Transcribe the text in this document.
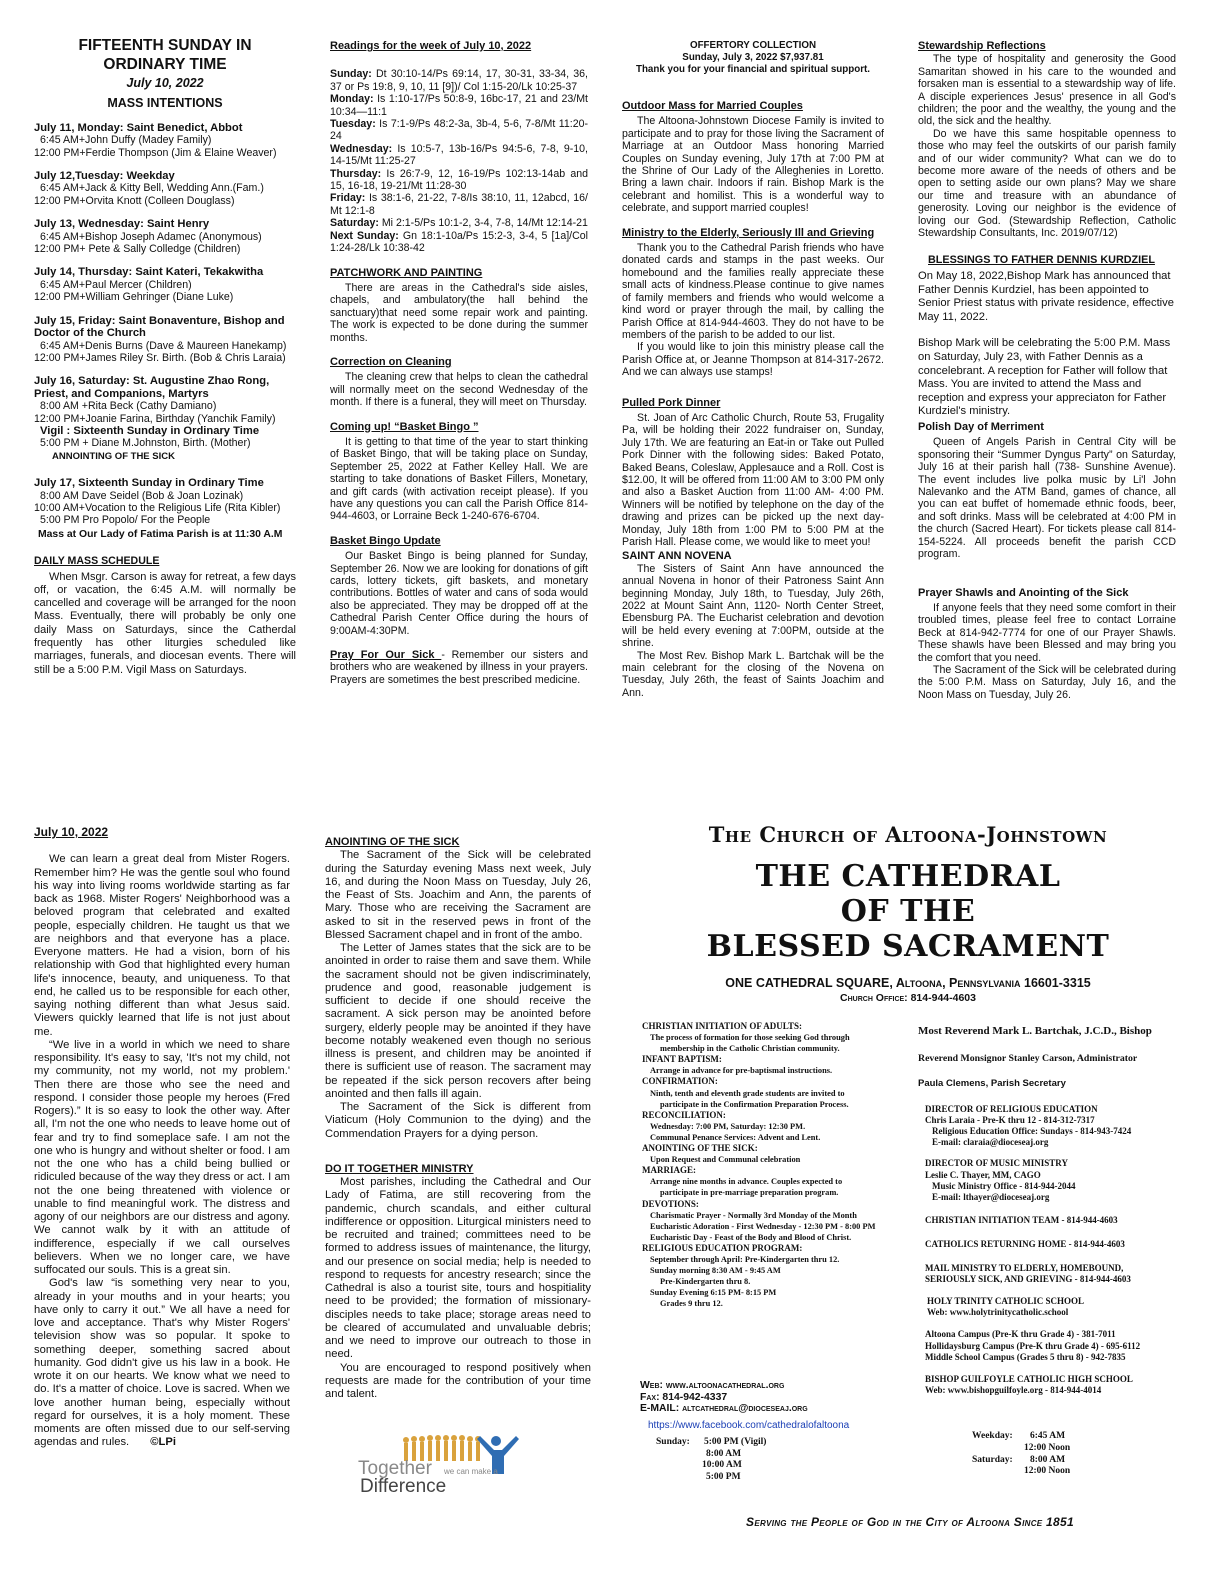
FIFTEENTH SUNDAY IN
ORDINARY TIME
July 10, 2022
MASS INTENTIONS

July 11, Monday: Saint Benedict, Abbot

6:45 AM+John Duffy (Madey Family)

12:00 PM+Ferdie Thompson (Jim & Elaine Weaver)

July 12,Tuesday: Weekday

6:45 AM+Jack & Kitty Bell, Wedding Ann.(Fam.)

12:00 PM+Orvita Knott (Colleen Douglass)

July 13, Wednesday: Saint Henry

6:45 AM+Bishop Joseph Adamec (Anonymous)

12:00 PM+ Pete & Sally Colledge (Children)

July 14, Thursday: Saint Kateri, Tekakwitha

6:45 AM+Paul Mercer (Children)

12:00 PM+William Gehringer (Diane Luke)

July 15, Friday: Saint Bonaventure, Bishop and Doctor of the Church

6:45 AM+Denis Burns (Dave & Maureen Hanekamp)

12:00 PM+James Riley Sr. Birth. (Bob & Chris Laraia)

July 16, Saturday: St. Augustine Zhao Rong, Priest, and Companions, Martyrs

8:00 AM +Rita Beck (Cathy Damiano)

12:00 PM+Joanie Farina, Birthday (Yanchik Family)

Vigil : Sixteenth Sunday in Ordinary Time

5:00 PM + Diane M.Johnston, Birth. (Mother)

ANNOINTING OF THE SICK

July 17, Sixteenth Sunday in Ordinary Time

8:00 AM Dave Seidel (Bob & Joan Lozinak)

10:00 AM+Vocation to the Religious Life (Rita Kibler)

5:00 PM Pro Popolo/ For the People

Mass at Our Lady of Fatima Parish is at 11:30 A.M

DAILY MASS SCHEDULE

When Msgr. Carson is away for retreat, a few days off, or vacation, the 6:45 A.M. will normally be cancelled and coverage will be arranged for the noon Mass. Eventually, there will probably be only one daily Mass on Saturdays, since the Catherdal frequently has other liturgies scheduled like marriages, funerals, and diocesan events. There will still be a 5:00 P.M. Vigil Mass on Saturdays.

Readings for the week of July 10, 2022

Sunday: Dt 30:10-14/Ps 69:14, 17, 30-31, 33-34, 36, 37 or Ps 19:8, 9, 10, 11 [9])/ Col 1:15-20/Lk 10:25-37

Monday: Is 1:10-17/Ps 50:8-9, 16bc-17, 21 and 23/Mt 10:34—11:1

Tuesday: Is 7:1-9/Ps 48:2-3a, 3b-4, 5-6, 7-8/Mt 11:20-24

Wednesday: Is 10:5-7, 13b-16/Ps 94:5-6, 7-8, 9-10, 14-15/Mt 11:25-27

Thursday: Is 26:7-9, 12, 16-19/Ps 102:13-14ab and 15, 16-18, 19-21/Mt 11:28-30

Friday: Is 38:1-6, 21-22, 7-8/Is 38:10, 11, 12abcd, 16/ Mt 12:1-8

Saturday: Mi 2:1-5/Ps 10:1-2, 3-4, 7-8, 14/Mt 12:14-21

Next Sunday: Gn 18:1-10a/Ps 15:2-3, 3-4, 5 [1a]/Col 1:24-28/Lk 10:38-42

PATCHWORK AND PAINTING

There are areas in the Cathedral's side aisles, chapels, and ambulatory(the hall behind the sanctuary)that need some repair work and painting. The work is expected to be done during the summer months.

Correction on Cleaning

The cleaning crew that helps to clean the cathedral will normally meet on the second Wednesday of the month. If there is a funeral, they will meet on Thursday.

Coming up! “Basket Bingo ”

It is getting to that time of the year to start thinking of Basket Bingo, that will be taking place on Sunday, September 25, 2022 at Father Kelley Hall. We are starting to take donations of Basket Fillers, Monetary, and gift cards (with activation receipt please). If you have any questions you can call the Parish Office 814-944-4603, or Lorraine Beck 1-240-676-6704.

Basket Bingo Update

Our Basket Bingo is being planned for Sunday, September 26. Now we are looking for donations of gift cards, lottery tickets, gift baskets, and monetary contributions. Bottles of water and cans of soda would also be appreciated. They may be dropped off at the Cathedral Parish Center Office during the hours of 9:00AM-4:30PM.

Pray For Our Sick - Remember our sisters and brothers who are weakened by illness in your prayers. Prayers are sometimes the best prescribed medicine.

OFFERTORY COLLECTION
Sunday, July 3, 2022 $7,937.81
Thank you for your financial and spiritual support.

Outdoor Mass for Married Couples

The Altoona-Johnstown Diocese Family is invited to participate and to pray for those living the Sacrament of Marriage at an Outdoor Mass honoring Married Couples on Sunday evening, July 17th at 7:00 PM at the Shrine of Our Lady of the Alleghenies in Loretto. Bring a lawn chair. Indoors if rain. Bishop Mark is the celebrant and homilist. This is a wonderful way to celebrate, and support married couples!

Ministry to the Elderly, Seriously Ill and Grieving

Thank you to the Cathedral Parish friends who have donated cards and stamps in the past weeks. Our homebound and the families really appreciate these small acts of kindness.Please continue to give names of family members and friends who would welcome a kind word or prayer through the mail, by calling the Parish Office at 814-944-4603. They do not have to be members of the parish to be added to our list.

If you would like to join this ministry please call the Parish Office at, or Jeanne Thompson at 814-317-2672. And we can always use stamps!

Pulled Pork Dinner

St. Joan of Arc Catholic Church, Route 53, Frugality Pa, will be holding their 2022 fundraiser on, Sunday, July 17th. We are featuring an Eat-in or Take out Pulled Pork Dinner with the following sides: Baked Potato, Baked Beans, Coleslaw, Applesauce and a Roll. Cost is $12.00, It will be offered from 11:00 AM to 3:00 PM only and also a Basket Auction from 11:00 AM- 4:00 PM. Winners will be notified by telephone on the day of the drawing and prizes can be picked up the next day- Monday, July 18th from 1:00 PM to 5:00 PM at the Parish Hall. Please come, we would like to meet you!

SAINT ANN NOVENA

The Sisters of Saint Ann have announced the annual Novena in honor of their Patroness Saint Ann beginning Monday, July 18th, to Tuesday, July 26th, 2022 at Mount Saint Ann, 1120- North Center Street, Ebensburg PA. The Eucharist celebration and devotion will be held every evening at 7:00PM, outside at the shrine.

The Most Rev. Bishop Mark L. Bartchak will be the main celebrant for the closing of the Novena on Tuesday, July 26th, the feast of Saints Joachim and Ann.

Stewardship Reflections

The type of hospitality and generosity the Good Samaritan showed in his care to the wounded and forsaken man is essential to a stewardship way of life. A disciple experiences Jesus' presence in all God's children; the poor and the wealthy, the young and the old, the sick and the healthy.

Do we have this same hospitable openness to those who may feel the outskirts of our parish family and of our wider community? What can we do to become more aware of the needs of others and be open to setting aside our own plans? May we share our time and treasure with an abundance of generosity. Loving our neighbor is the evidence of loving our God. (Stewardship Reflection, Catholic Stewardship Consultants, Inc. 2019/07/12)

BLESSINGS TO FATHER DENNIS KURDZIEL

On May 18, 2022,Bishop Mark has announced that Father Dennis Kurdziel, has been appointed to Senior Priest status with private residence, effective May 11, 2022.

Bishop Mark will be celebrating the 5:00 P.M. Mass on Saturday, July 23, with Father Dennis as a concelebrant. A reception for Father will follow that Mass. You are invited to attend the Mass and reception and express your appreciaton for Father Kurdziel's ministry.

Polish Day of Merriment

Queen of Angels Parish in Central City will be sponsoring their “Summer Dyngus Party” on Saturday, July 16 at their parish hall (738- Sunshine Avenue). The event includes live polka music by Li'l John Nalevanko and the ATM Band, games of chance, all you can eat buffet of homemade ethnic foods, beer, and soft drinks. Mass will be celebrated at 4:00 PM in the church (Sacred Heart). For tickets please call 814-154-5224. All proceeds benefit the parish CCD program.

Prayer Shawls and Anointing of the Sick

If anyone feels that they need some comfort in their troubled times, please feel free to contact Lorraine Beck at 814-942-7774 for one of our Prayer Shawls. These shawls have been Blessed and may bring you the comfort that you need.

The Sacrament of the Sick will be celebrated during the 5:00 P.M. Mass on Saturday, July 16, and the Noon Mass on Tuesday, July 26.

July 10, 2022

We can learn a great deal from Mister Rogers. Remember him? He was the gentle soul who found his way into living rooms worldwide starting as far back as 1968. Mister Rogers' Neighborhood was a beloved program that celebrated and exalted people, especially children. He taught us that we are neighbors and that everyone has a place. Everyone matters. He had a vision, born of his relationship with God that highlighted every human life's innocence, beauty, and uniqueness. To that end, he called us to be responsible for each other, saying nothing different than what Jesus said. Viewers quickly learned that life is not just about me.

“We live in a world in which we need to share responsibility. It's easy to say, 'It's not my child, not my community, not my world, not my problem.' Then there are those who see the need and respond. I consider those people my heroes (Fred Rogers).” It is so easy to look the other way. After all, I'm not the one who needs to leave home out of fear and try to find someplace safe. I am not the one who is hungry and without shelter or food. I am not the one who has a child being bullied or ridiculed because of the way they dress or act. I am not the one being threatened with violence or unable to find meaningful work. The distress and agony of our neighbors are our distress and agony. We cannot walk by it with an attitude of indifference, especially if we call ourselves believers. When we no longer care, we have suffocated our souls. This is a great sin.

God's law “is something very near to you, already in your mouths and in your hearts; you have only to carry it out.” We all have a need for love and acceptance. That's why Mister Rogers' television show was so popular. It spoke to something deeper, something sacred about humanity. God didn't give us his law in a book. He wrote it on our hearts. We know what we need to do. It's a matter of choice. Love is sacred. When we love another human being, especially without regard for ourselves, it is a holy moment. These moments are often missed due to our self-serving agendas and rules. ©LPi

ANOINTING OF THE SICK

The Sacrament of the Sick will be celebrated during the Saturday evening Mass next week, July 16, and during the Noon Mass on Tuesday, July 26, the Feast of Sts. Joachim and Ann, the parents of Mary. Those who are receiving the Sacrament are asked to sit in the reserved pews in front of the Blessed Sacrament chapel and in front of the ambo.

The Letter of James states that the sick are to be anointed in order to raise them and save them. While the sacrament should not be given indiscriminately, prudence and good, reasonable judgement is sufficient to decide if one should receive the sacrament. A sick person may be anointed before surgery, elderly people may be anointed if they have become notably weakened even though no serious illness is present, and children may be anointed if there is sufficient use of reason. The sacrament may be repeated if the sick person recovers after being anointed and then falls ill again.

The Sacrament of the Sick is different from Viaticum (Holy Communion to the dying) and the Commendation Prayers for a dying person.

DO IT TOGETHER MINISTRY

Most parishes, including the Cathedral and Our Lady of Fatima, are still recovering from the pandemic, church scandals, and either cultural indifference or opposition. Liturgical ministers need to be recruited and trained; committees need to be formed to address issues of maintenance, the liturgy, and our presence on social media; help is needed to respond to requests for ancestry research; since the Cathedral is also a tourist site, tours and hospitiality need to be provided; the formation of missionary-disciples needs to take place; storage areas need to be cleared of accumulated and unvaluable debris; and we need to improve our outreach to those in need.

You are encouraged to respond positively when requests are made for the contribution of your time and talent.

Together we can make a
Difference
The Church of Altoona-Johnstown
THE CATHEDRAL
OF THE
BLESSED SACRAMENT
ONE CATHEDRAL SQUARE, Altoona, Pennsylvania 16601-3315
Church Office: 814-944-4603

CHRISTIAN INITIATION OF ADULTS:

The process of formation for those seeking God through

membership in the Catholic Christian community.

INFANT BAPTISM:

Arrange in advance for pre-baptismal instructions.

CONFIRMATION:

Ninth, tenth and eleventh grade students are invited to

participate in the Confirmation Preparation Process.

RECONCILIATION:

Wednesday: 7:00 PM, Saturday: 12:30 PM.

Communal Penance Services: Advent and Lent.

ANOINTING OF THE SICK:

Upon Request and Communal celebration

MARRIAGE:

Arrange nine months in advance. Couples expected to

participate in pre-marriage preparation program.

DEVOTIONS:

Charismatic Prayer - Normally 3rd Monday of the Month

Eucharistic Adoration - First Wednesday - 12:30 PM - 8:00 PM

Eucharistic Day - Feast of the Body and Blood of Christ.

RELIGIOUS EDUCATION PROGRAM:

September through April: Pre-Kindergarten thru 12.

Sunday morning 8:30 AM - 9:45 AM

Pre-Kindergarten thru 8.

Sunday Evening 6:15 PM- 8:15 PM

Grades 9 thru 12.

Web: www.altoonacathedral.org
Fax: 814-942-4337
E-MAIL: altcathedral@dioceseaj.org
https://www.facebook.com/cathedralofaltoona
Sunday: 5:00 PM (Vigil)
8:00 AM
10:00 AM
5:00 PM

Most Reverend Mark L. Bartchak, J.C.D., Bishop

Reverend Monsignor Stanley Carson, Administrator

Paula Clemens, Parish Secretary

DIRECTOR OF RELIGIOUS EDUCATION

Chris Laraia - Pre-K thru 12 - 814-312-7317

Religious Education Office: Sundays - 814-943-7424

E-mail: claraia@dioceseaj.org

DIRECTOR OF MUSIC MINISTRY

Leslie C. Thayer, MM, CAGO

Music Ministry Office - 814-944-2044

E-mail: lthayer@dioceseaj.org

CHRISTIAN INITIATION TEAM - 814-944-4603

CATHOLICS RETURNING HOME - 814-944-4603

MAIL MINISTRY TO ELDERLY, HOMEBOUND,

SERIOUSLY SICK, AND GRIEVING - 814-944-4603

HOLY TRINITY CATHOLIC SCHOOL

Web: www.holytrinitycatholic.school

Altoona Campus (Pre-K thru Grade 4) - 381-7011

Hollidaysburg Campus (Pre-K thru Grade 4) - 695-6112

Middle School Campus (Grades 5 thru 8) - 942-7835

BISHOP GUILFOYLE CATHOLIC HIGH SCHOOL

Web: www.bishopguilfoyle.org - 814-944-4014

Weekday: 6:45 AM
12:00 Noon
Saturday: 8:00 AM
12:00 Noon
Serving the People of God in the City of Altoona Since 1851
